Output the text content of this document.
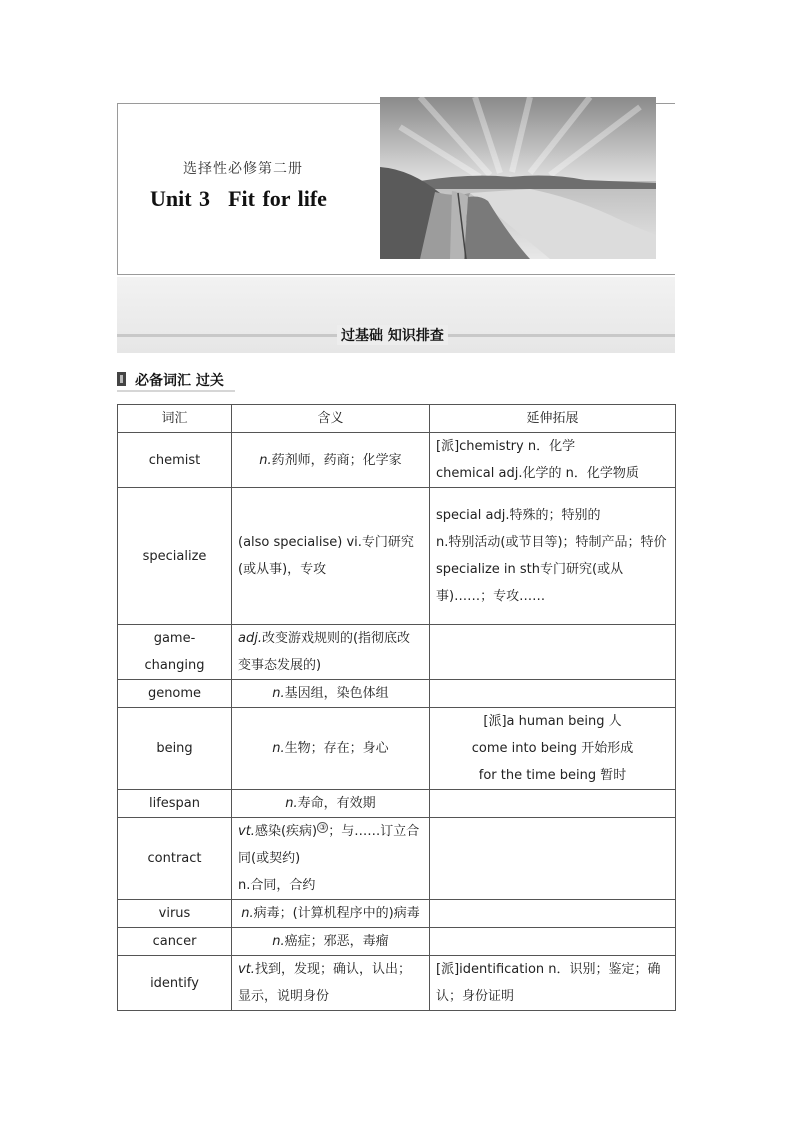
选择性必修第二册
Unit 3 Fit for life
过基础 知识排查
必备词汇 过关
词汇	含义	延伸拓展
chemist	n.药剂师，药商；化学家	[派]chemistry n．化学
chemical adj.化学的 n．化学物质

specialize	(also specialise) vi.专门研究(或从事)，专攻	special adj.特殊的；特别的
n.特别活动(或节目等)；特制产品；特价
specialize in sth专门研究(或从事)……；专攻……

game-changing	adj.改变游戏规则的(指彻底改变事态发展的)	
genome	n.基因组，染色体组	
being	n.生物；存在；身心	[派]a human being 人
come into being 开始形成
for the time being 暂时

lifespan	n.寿命，有效期	
contract	vt.感染(疾病) ③ ；与……订立合同(或契约)
n.合同，合约	

virus	n.病毒；(计算机程序中的)病毒	
cancer	n.癌症；邪恶，毒瘤	
identify	vt.找到，发现；确认，认出；显示，说明身份	[派]identification n．识别；鉴定；确认；身份证明
